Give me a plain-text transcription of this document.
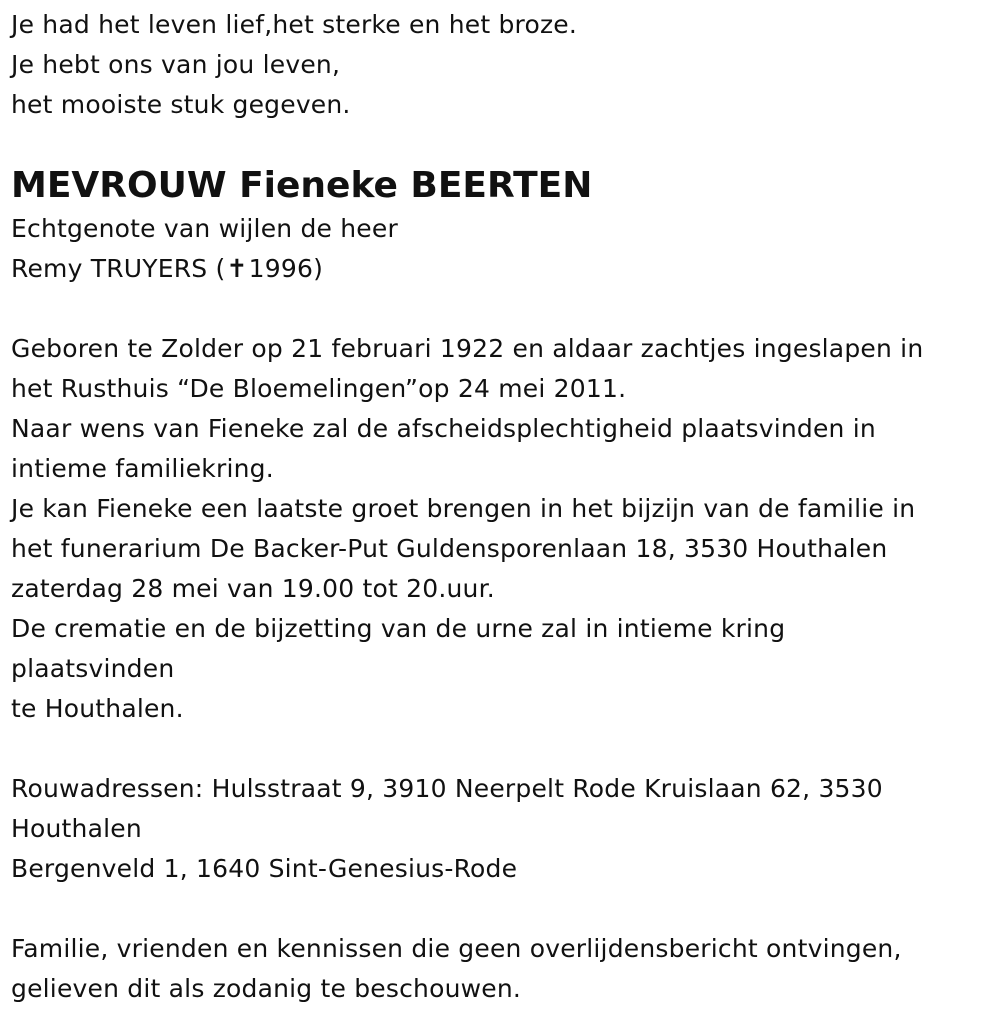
Je had het leven lief,het sterke en het broze.
Je hebt ons van jou leven,
het mooiste stuk gegeven.
MEVROUW Fieneke BEERTEN
Echtgenote van wijlen de heer
Remy TRUYERS (✝1996)
Geboren te Zolder op 21 februari 1922 en aldaar zachtjes ingeslapen in
het Rusthuis “De Bloemelingen”op 24 mei 2011.
Naar wens van Fieneke zal de afscheidsplechtigheid plaatsvinden in
intieme familiekring.
Je kan Fieneke een laatste groet brengen in het bijzijn van de familie in
het funerarium De Backer-Put Guldensporenlaan 18, 3530 Houthalen
zaterdag 28 mei van 19.00 tot 20.uur.
De crematie en de bijzetting van de urne zal in intieme kring
plaatsvinden
te Houthalen.
Rouwadressen: Hulsstraat 9, 3910 Neerpelt Rode Kruislaan 62, 3530
Houthalen
Bergenveld 1, 1640 Sint-Genesius-Rode
Familie, vrienden en kennissen die geen overlijdensbericht ontvingen,
gelieven dit als zodanig te beschouwen.
